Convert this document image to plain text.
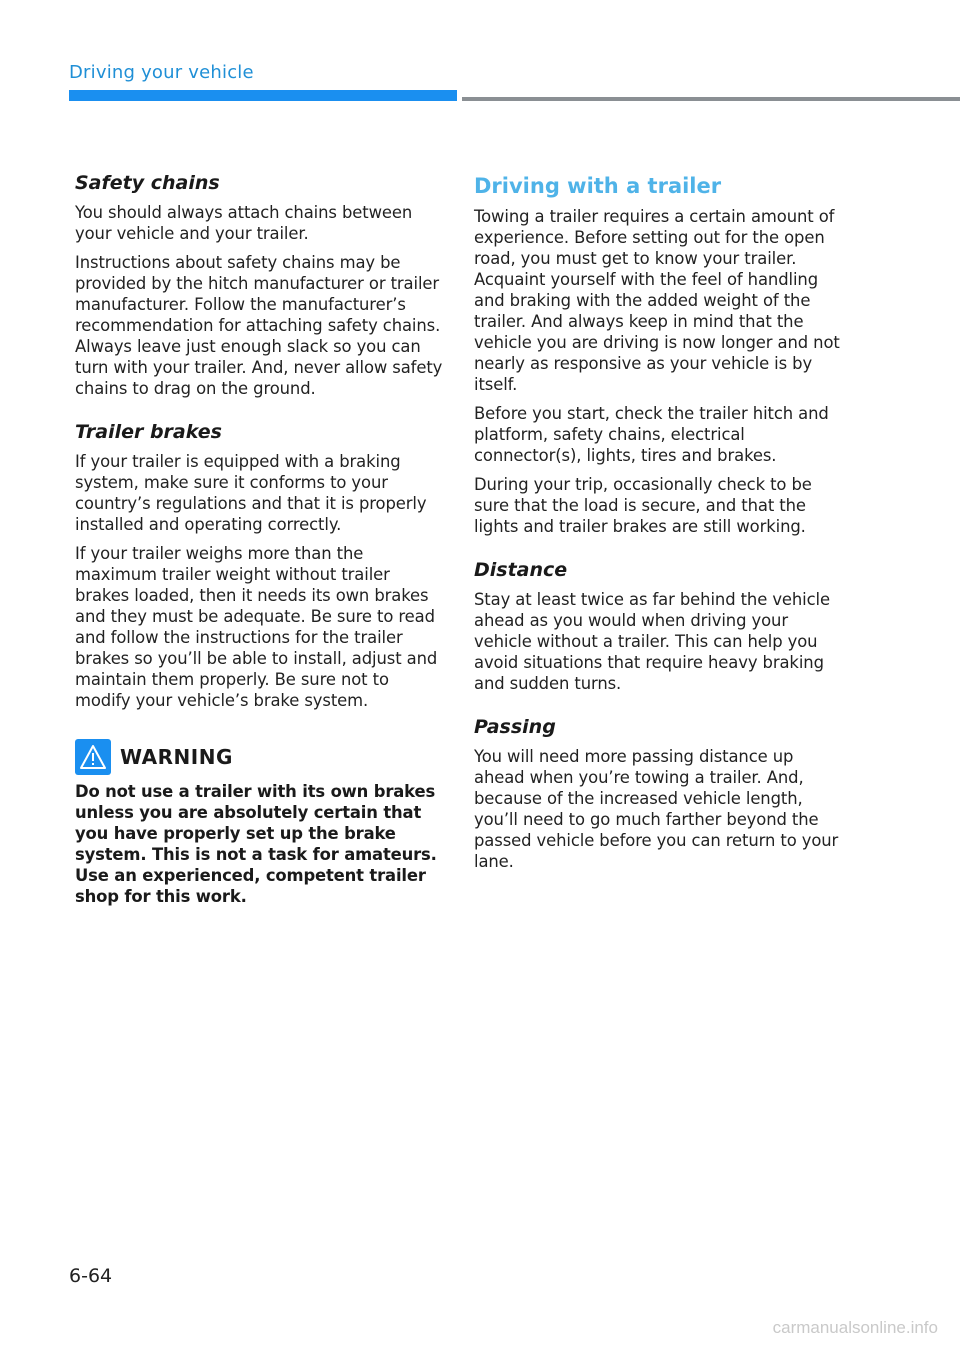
Driving your vehicle
Safety chains

You should always attach chains between your vehicle and your trailer.

Instructions about safety chains may be provided by the hitch manufacturer or trailer manufacturer. Follow the manufacturer’s recommendation for attaching safety chains. Always leave just enough slack so you can turn with your trailer. And, never allow safety chains to drag on the ground.

Trailer brakes

If your trailer is equipped with a braking system, make sure it conforms to your country’s regulations and that it is properly installed and operating correctly.

If your trailer weighs more than the maximum trailer weight without trailer brakes loaded, then it needs its own brakes and they must be adequate. Be sure to read and follow the instructions for the trailer brakes so you’ll be able to install, adjust and maintain them properly. Be sure not to modify your vehicle’s brake system.

WARNING

Do not use a trailer with its own brakes unless you are absolutely certain that you have properly set up the brake system. This is not a task for amateurs. Use an experienced, competent trailer shop for this work.

Driving with a trailer

Towing a trailer requires a certain amount of experience. Before setting out for the open road, you must get to know your trailer. Acquaint yourself with the feel of handling and braking with the added weight of the trailer. And always keep in mind that the vehicle you are driving is now longer and not nearly as responsive as your vehicle is by itself.

Before you start, check the trailer hitch and platform, safety chains, electrical connector(s), lights, tires and brakes.

During your trip, occasionally check to be sure that the load is secure, and that the lights and trailer brakes are still working.

Distance

Stay at least twice as far behind the vehicle ahead as you would when driving your vehicle without a trailer. This can help you avoid situations that require heavy braking and sudden turns.

Passing

You will need more passing distance up ahead when you’re towing a trailer. And, because of the increased vehicle length, you’ll need to go much farther beyond the passed vehicle before you can return to your lane.

6-64
carmanualsonline.info
